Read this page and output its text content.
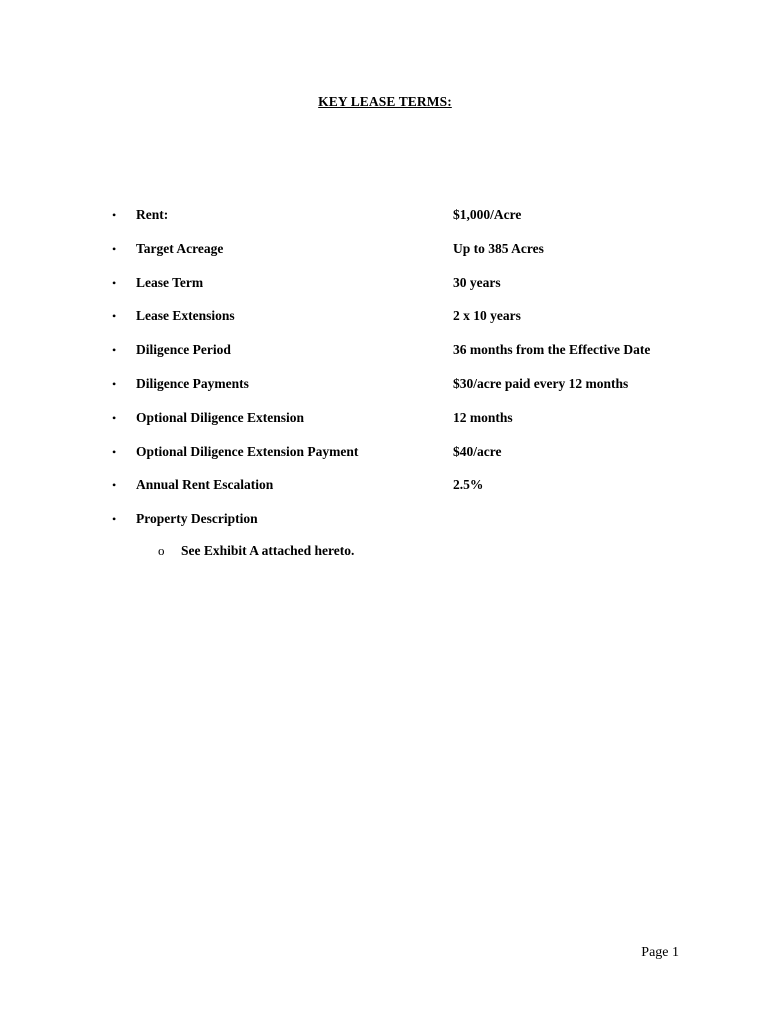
KEY LEASE TERMS:
• Rent:	$1,000/Acre
• Target Acreage	Up to 385 Acres
• Lease Term	30 years
• Lease Extensions	2 x 10 years
• Diligence Period	36 months from the Effective Date
• Diligence Payments	$30/acre paid every 12 months
• Optional Diligence Extension	12 months
• Optional Diligence Extension Payment	$40/acre
• Annual Rent Escalation	2.5%
• Property Description
o See Exhibit A attached hereto.
Page 1
